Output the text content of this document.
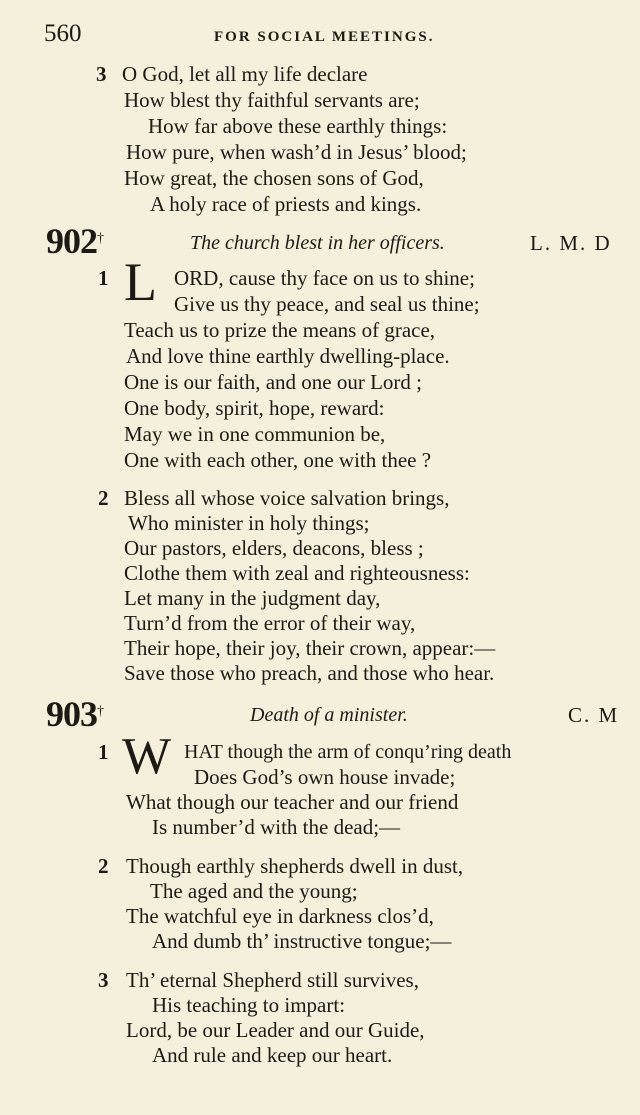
560	FOR SOCIAL MEETINGS.
3 O God, let all my life declare
How blest thy faithful servants are;
How far above these earthly things:
How pure, when wash’d in Jesus’ blood;
How great, the chosen sons of God,
A holy race of priests and kings.
902†	The church blest in her officers.	L. M. D
1 L ORD, cause thy face on us to shine;
Give us thy peace, and seal us thine;
Teach us to prize the means of grace,
And love thine earthly dwelling-place.
One is our faith, and one our Lord ;
One body, spirit, hope, reward:
May we in one communion be,
One with each other, one with thee ?
2 Bless all whose voice salvation brings,
Who minister in holy things;
Our pastors, elders, deacons, bless ;
Clothe them with zeal and righteousness:
Let many in the judgment day,
Turn’d from the error of their way,
Their hope, their joy, their crown, appear:—
Save those who preach, and those who hear.
903†	Death of a minister.	C. M
1 W HAT though the arm of conqu’ring death
Does God’s own house invade;
What though our teacher and our friend
Is number’d with the dead;—
2 Though earthly shepherds dwell in dust,
The aged and the young;
The watchful eye in darkness clos’d,
And dumb th’ instructive tongue;—
3 Th’ eternal Shepherd still survives,
His teaching to impart:
Lord, be our Leader and our Guide,
And rule and keep our heart.
